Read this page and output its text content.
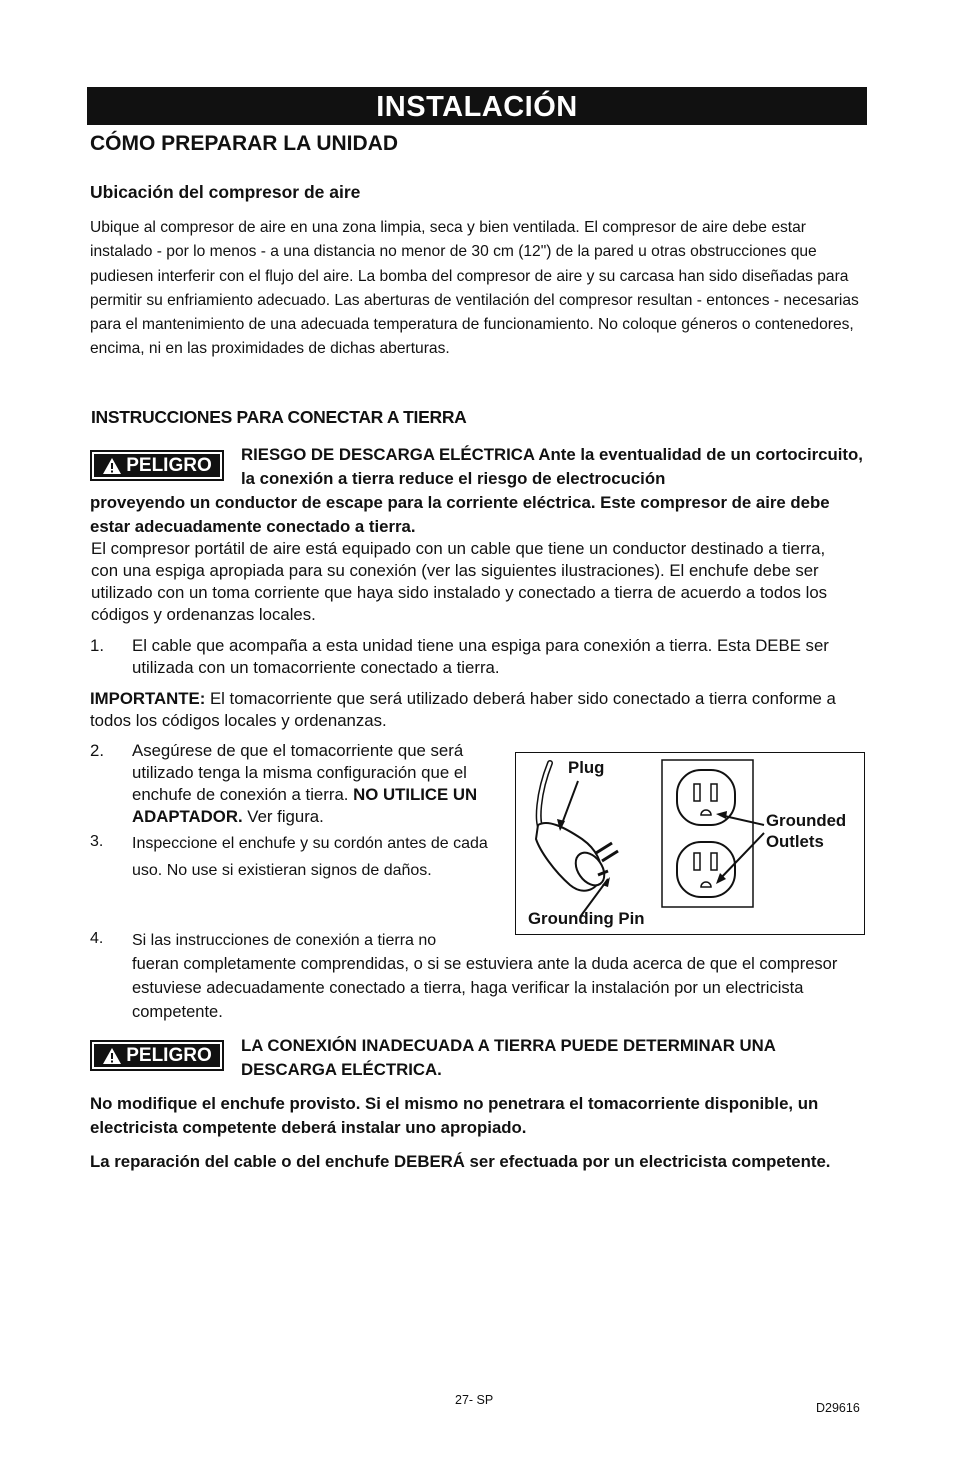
INSTALACIÓN
CÓMO PREPARAR LA UNIDAD
Ubicación del compresor de aire
Ubique al compresor de aire en una zona limpia, seca y bien ventilada. El compresor de aire debe estar instalado - por lo menos - a una distancia no menor de 30 cm (12") de la pared u otras obstrucciones que pudiesen interferir con el flujo del aire. La bomba del compresor de aire y su carcasa han sido diseñadas para permitir su enfriamiento adecuado. Las aberturas de ventilación del compresor resultan - entonces - necesarias para el mantenimiento de una adecuada temperatura de funcionamiento. No coloque géneros o contenedores, encima, ni en las proximidades de dichas aberturas.
INSTRUCCIONES PARA CONECTAR A TIERRA
PELIGRO RIESGO DE DESCARGA ELÉCTRICA Ante la eventualidad de un cortocircuito, la conexión a tierra reduce el riesgo de electrocución
proveyendo un conductor de escape para la corriente eléctrica. Este compresor de aire debe estar adecuadamente conectado a tierra.
El compresor portátil de aire está equipado con un cable que tiene un conductor destinado a tierra, con una espiga apropiada para su conexión (ver las siguientes ilustraciones). El enchufe debe ser utilizado con un toma corriente que haya sido instalado y conectado a tierra de acuerdo a todos los códigos y ordenanzas locales.
1. El cable que acompaña a esta unidad tiene una espiga para conexión a tierra. Esta DEBE ser utilizada con un tomacorriente conectado a tierra.
IMPORTANTE: El tomacorriente que será utilizado deberá haber sido conectado a tierra conforme a todos los códigos locales y ordenanzas.
2. Asegúrese de que el tomacorriente que será utilizado tenga la misma configuración que el enchufe de conexión a tierra. NO UTILICE UN ADAPTADOR. Ver figura.
3. Inspeccione el enchufe y su cordón antes de cada uso. No use si existieran signos de daños.
Plug
Grounded
Outlets
Grounding Pin
4. Si las instrucciones de conexión a tierra no
fueran completamente comprendidas, o si se estuviera ante la duda acerca de que el compresor estuviese adecuadamente conectado a tierra, haga verificar la instalación por un electricista competente.
PELIGRO LA CONEXIÓN INADECUADA A TIERRA PUEDE DETERMINAR UNA DESCARGA ELÉCTRICA.
No modifique el enchufe provisto. Si el mismo no penetrara el tomacorriente disponible, un electricista competente deberá instalar uno apropiado.
La reparación del cable o del enchufe DEBERÁ ser efectuada por un electricista competente.
27- SP
D29616
